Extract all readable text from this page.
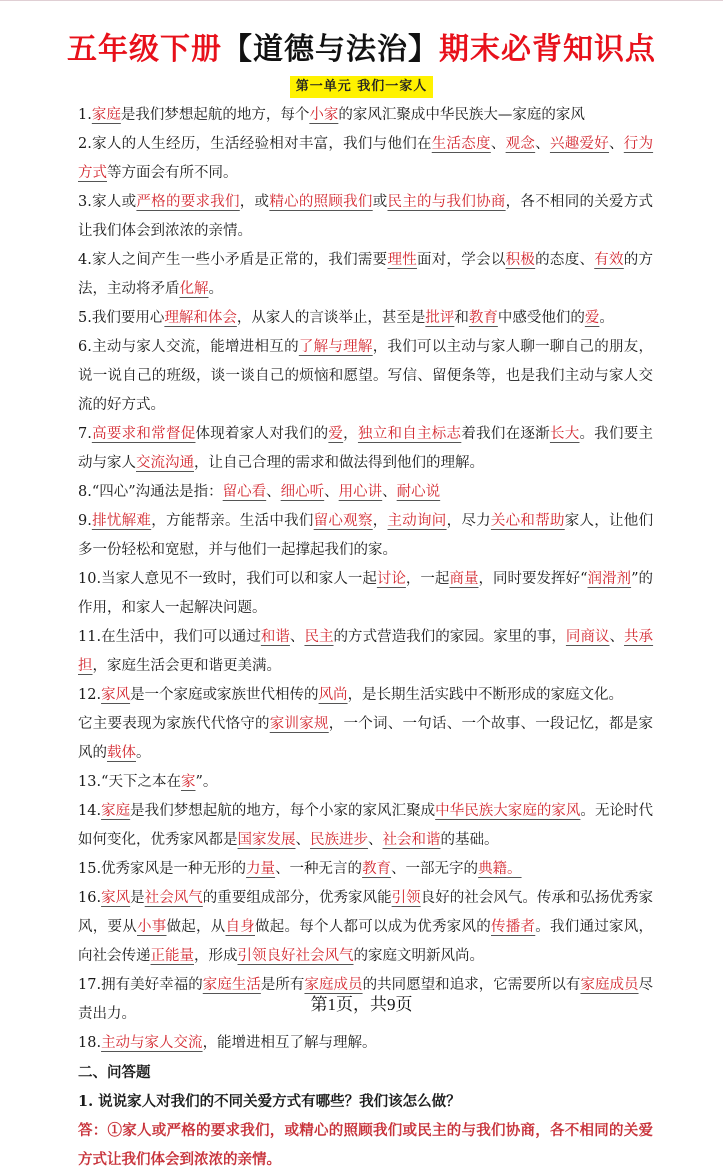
五年级下册【道德与法治】期末必背知识点
第一单元 我们一家人

1.家庭是我们梦想起航的地方，每个小家的家风汇聚成中华民族大—家庭的家风

2.家人的人生经历，生活经验相对丰富，我们与他们在生活态度、观念、兴趣爱好、行为方式等方面会有所不同。

3.家人或严格的要求我们，或精心的照顾我们或民主的与我们协商，各不相同的关爱方式让我们体会到浓浓的亲情。

4.家人之间产生一些小矛盾是正常的，我们需要理性面对，学会以积极的态度、有效的方法，主动将矛盾化解。

5.我们要用心理解和体会，从家人的言谈举止，甚至是批评和教育中感受他们的爱。

6.主动与家人交流，能增进相互的了解与理解，我们可以主动与家人聊一聊自己的朋友，说一说自己的班级，谈一谈自己的烦恼和愿望。写信、留便条等，也是我们主动与家人交流的好方式。

7.高要求和常督促体现着家人对我们的爱，独立和自主标志着我们在逐渐长大。我们要主动与家人交流沟通，让自己合理的需求和做法得到他们的理解。

8.“四心”沟通法是指：留心看、细心听、用心讲、耐心说

9.排忧解难，方能帮亲。生活中我们留心观察，主动询问，尽力关心和帮助家人，让他们多一份轻松和宽慰，并与他们一起撑起我们的家。

10.当家人意见不一致时，我们可以和家人一起讨论，一起商量，同时要发挥好“润滑剂”的作用，和家人一起解决问题。

11.在生活中，我们可以通过和谐、民主的方式营造我们的家园。家里的事，同商议、共承担，家庭生活会更和谐更美满。

12.家风是一个家庭或家族世代相传的风尚，是长期生活实践中不断形成的家庭文化。

它主要表现为家族代代恪守的家训家规，一个词、一句话、一个故事、一段记忆，都是家风的载体。

13.“天下之本在家”。

14.家庭是我们梦想起航的地方，每个小家的家风汇聚成中华民族大家庭的家风。无论时代如何变化，优秀家风都是国家发展、民族进步、社会和谐的基础。

15.优秀家风是一种无形的力量、一种无言的教育、一部无字的典籍。

16.家风是社会风气的重要组成部分，优秀家风能引领良好的社会风气。传承和弘扬优秀家风，要从小事做起，从自身做起。每个人都可以成为优秀家风的传播者。我们通过家风，向社会传递正能量，形成引领良好社会风气的家庭文明新风尚。

17.拥有美好幸福的家庭生活是所有家庭成员的共同愿望和追求，它需要所以有家庭成员尽责出力。

18.主动与家人交流，能增进相互了解与理解。

二、问答题

1. 说说家人对我们的不同关爱方式有哪些？我们该怎么做？

答：①家人或严格的要求我们，或精心的照顾我们或民主的与我们协商，各不相同的关爱方式让我们体会到浓浓的亲情。

第1页，共9页
